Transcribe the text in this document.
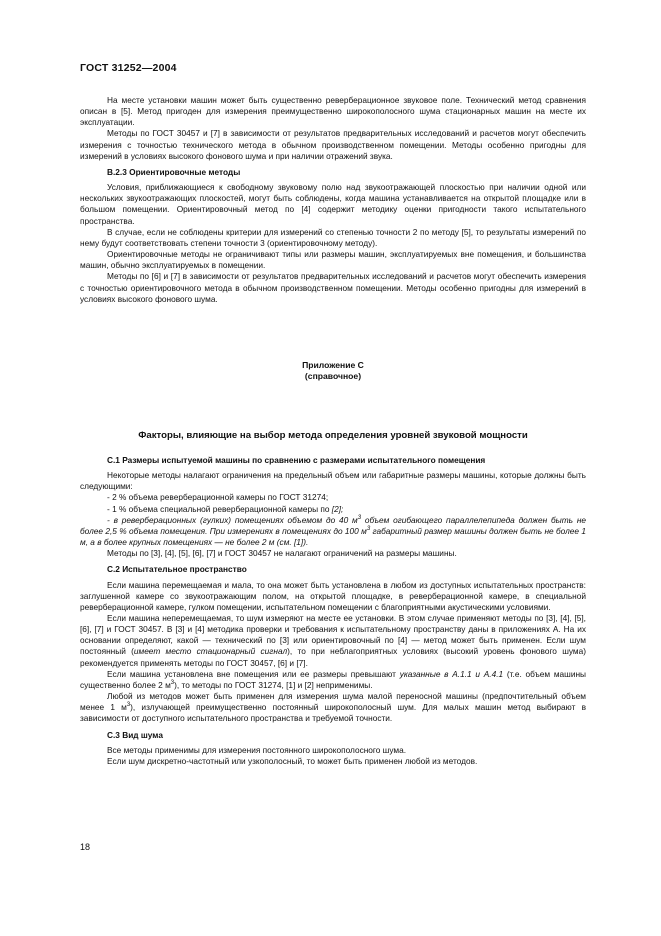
ГОСТ 31252—2004

На месте установки машин может быть существенно реверберационное звуковое поле. Технический метод сравнения описан в [5]. Метод пригоден для измерения преимущественно широкополосного шума стационарных машин на месте их эксплуатации.

Методы по ГОСТ 30457 и [7] в зависимости от результатов предварительных исследований и расчетов могут обеспечить измерения с точностью технического метода в обычном производственном помещении. Методы особенно пригодны для измерений в условиях высокого фонового шума и при наличии отражений звука.

В.2.3 Ориентировочные методы

Условия, приближающиеся к свободному звуковому полю над звукоотражающей плоскостью при наличии одной или нескольких звукоотражающих плоскостей, могут быть соблюдены, когда машина устанавливается на открытой площадке или в большом помещении. Ориентировочный метод по [4] содержит методику оценки пригодности такого испытательного пространства.

В случае, если не соблюдены критерии для измерений со степенью точности 2 по методу [5], то результаты измерений по нему будут соответствовать степени точности 3 (ориентировочному методу).

Ориентировочные методы не ограничивают типы или размеры машин, эксплуатируемых вне помещения, и большинства машин, обычно эксплуатируемых в помещении.

Методы по [6] и [7] в зависимости от результатов предварительных исследований и расчетов могут обеспечить измерения с точностью ориентировочного метода в обычном производственном помещении. Методы особенно пригодны для измерений в условиях высокого фонового шума.

Приложение С
(справочное)
Факторы, влияющие на выбор метода определения уровней звуковой мощности
С.1 Размеры испытуемой машины по сравнению с размерами испытательного помещения

Некоторые методы налагают ограничения на предельный объем или габаритные размеры машины, которые должны быть следующими:

- 2 % объема реверберационной камеры по ГОСТ 31274;

- 1 % объема специальной реверберационной камеры по [2];

- в реверберационных (гулких) помещениях объемом до 40 $м^3$ объем огибающего параллелепипеда должен быть не более 2,5 % объема помещения. При измерениях в помещениях до 100 $м^3$ габаритный размер машины должен быть не более 1 м, а в более крупных помещениях — не более 2 м (см. [1]).

Методы по [3], [4], [5], [6], [7] и ГОСТ 30457 не налагают ограничений на размеры машины.

С.2 Испытательное пространство

Если машина перемещаемая и мала, то она может быть установлена в любом из доступных испытательных пространств: заглушенной камере со звукоотражающим полом, на открытой площадке, в реверберационной камере, в специальной реверберационной камере, гулком помещении, испытательном помещении с благоприятными акустическими условиями.

Если машина неперемещаемая, то шум измеряют на месте ее установки. В этом случае применяют методы по [3], [4], [5], [6], [7] и ГОСТ 30457. В [3] и [4] методика проверки и требования к испытательному пространству даны в приложениях А. На их основании определяют, какой — технический по [3] или ориентировочный по [4] — метод может быть применен. Если шум постоянный (имеет место стационарный сигнал), то при неблагоприятных условиях (высокий уровень фонового шума) рекомендуется применять методы по ГОСТ 30457, [6] и [7].

Если машина установлена вне помещения или ее размеры превышают указанные в А.1.1 и А.4.1 (т.е. объем машины существенно более 2 $м^3$), то методы по ГОСТ 31274, [1] и [2] неприменимы.

Любой из методов может быть применен для измерения шума малой переносной машины (предпочтительный объем менее 1 $м^3$), излучающей преимущественно постоянный широкополосный шум. Для малых машин метод выбирают в зависимости от доступного испытательного пространства и требуемой точности.

С.3 Вид шума

Все методы применимы для измерения постоянного широкополосного шума.

Если шум дискретно-частотный или узкополосный, то может быть применен любой из методов.

18
